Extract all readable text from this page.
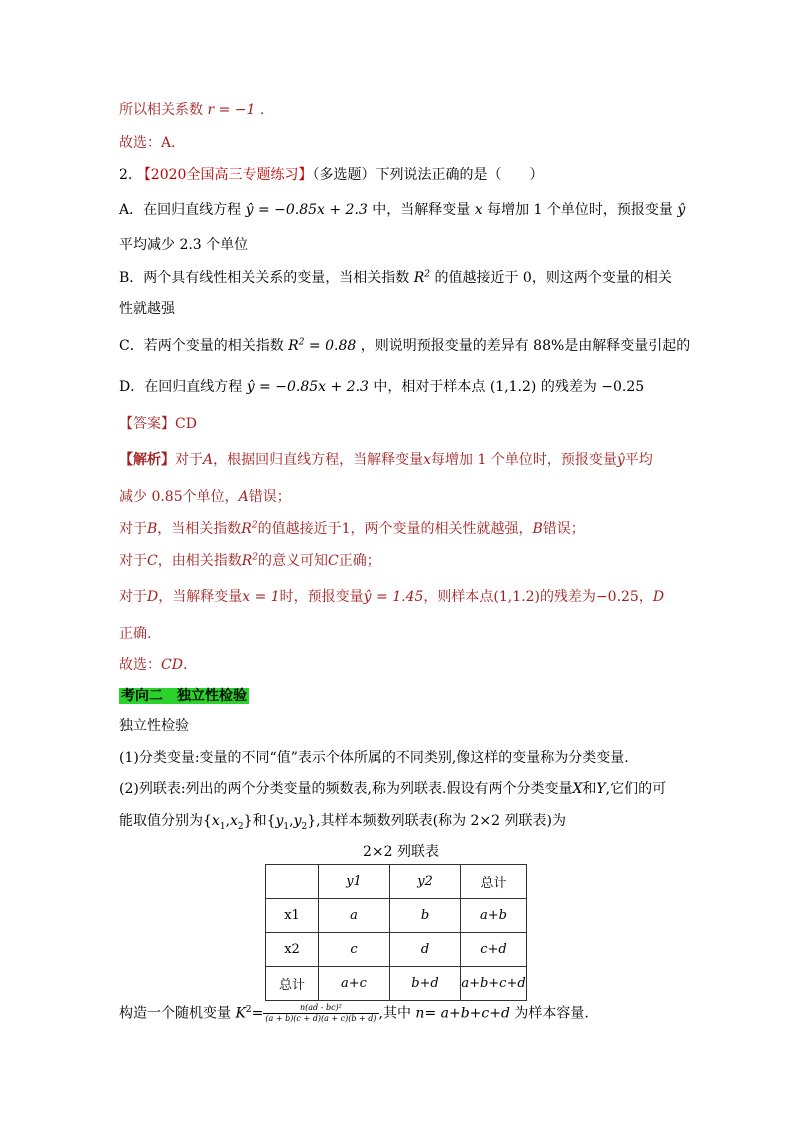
所以相关系数 r = −1 .
故选：A．
2. 【2020全国高三专题练习】（多选题）下列说法正确的是（　　）
A．在回归直线方程 ŷ = −0.85x + 2.3 中，当解释变量 x 每增加 1 个单位时，预报变量 ŷ
平均减少 2.3 个单位
B．两个具有线性相关关系的变量，当相关指数 $R^2$ 的值越接近于 0，则这两个变量的相关
性就越强
C．若两个变量的相关指数 $R^2 = 0.88$ ，则说明预报变量的差异有 88%是由解释变量引起的
D．在回归直线方程 ŷ = −0.85x + 2.3 中，相对于样本点 (1,1.2) 的残差为 −0.25
【答案】CD
【解析】对于A，根据回归直线方程，当解释变量x每增加 1 个单位时，预报变量ŷ平均
减少 0.85个单位，A错误；
对于B，当相关指数$R^2$的值越接近于1，两个变量的相关性就越强，B错误；
对于C，由相关指数$R^2$的意义可知C正确；
对于D，当解释变量x = 1时，预报变量ŷ = 1.45，则样本点(1,1.2)的残差为−0.25，D
正确.
故选：CD.
考向二　独立性检验
独立性检验
(1)分类变量:变量的不同“值”表示个体所属的不同类别,像这样的变量称为分类变量.
(2)列联表:列出的两个分类变量的频数表,称为列联表.假设有两个分类变量X和Y,它们的可
能取值分别为$\{x_1,x_2\}$和$\{y_1,y_2\}$,其样本频数列联表(称为 2×2 列联表)为
2×2 列联表
	y1	y2	总计
x1	a	b	a+b
x2	c	d	c+d
总计	a+c	b+d	a+b+c+d
构造一个随机变量 $K^2= \frac{\text{n(ad - bc)²}}{(a + b)(c + d)(a + c)(b + d)}$ ,其中 n= a+b+c+d 为样本容量.
